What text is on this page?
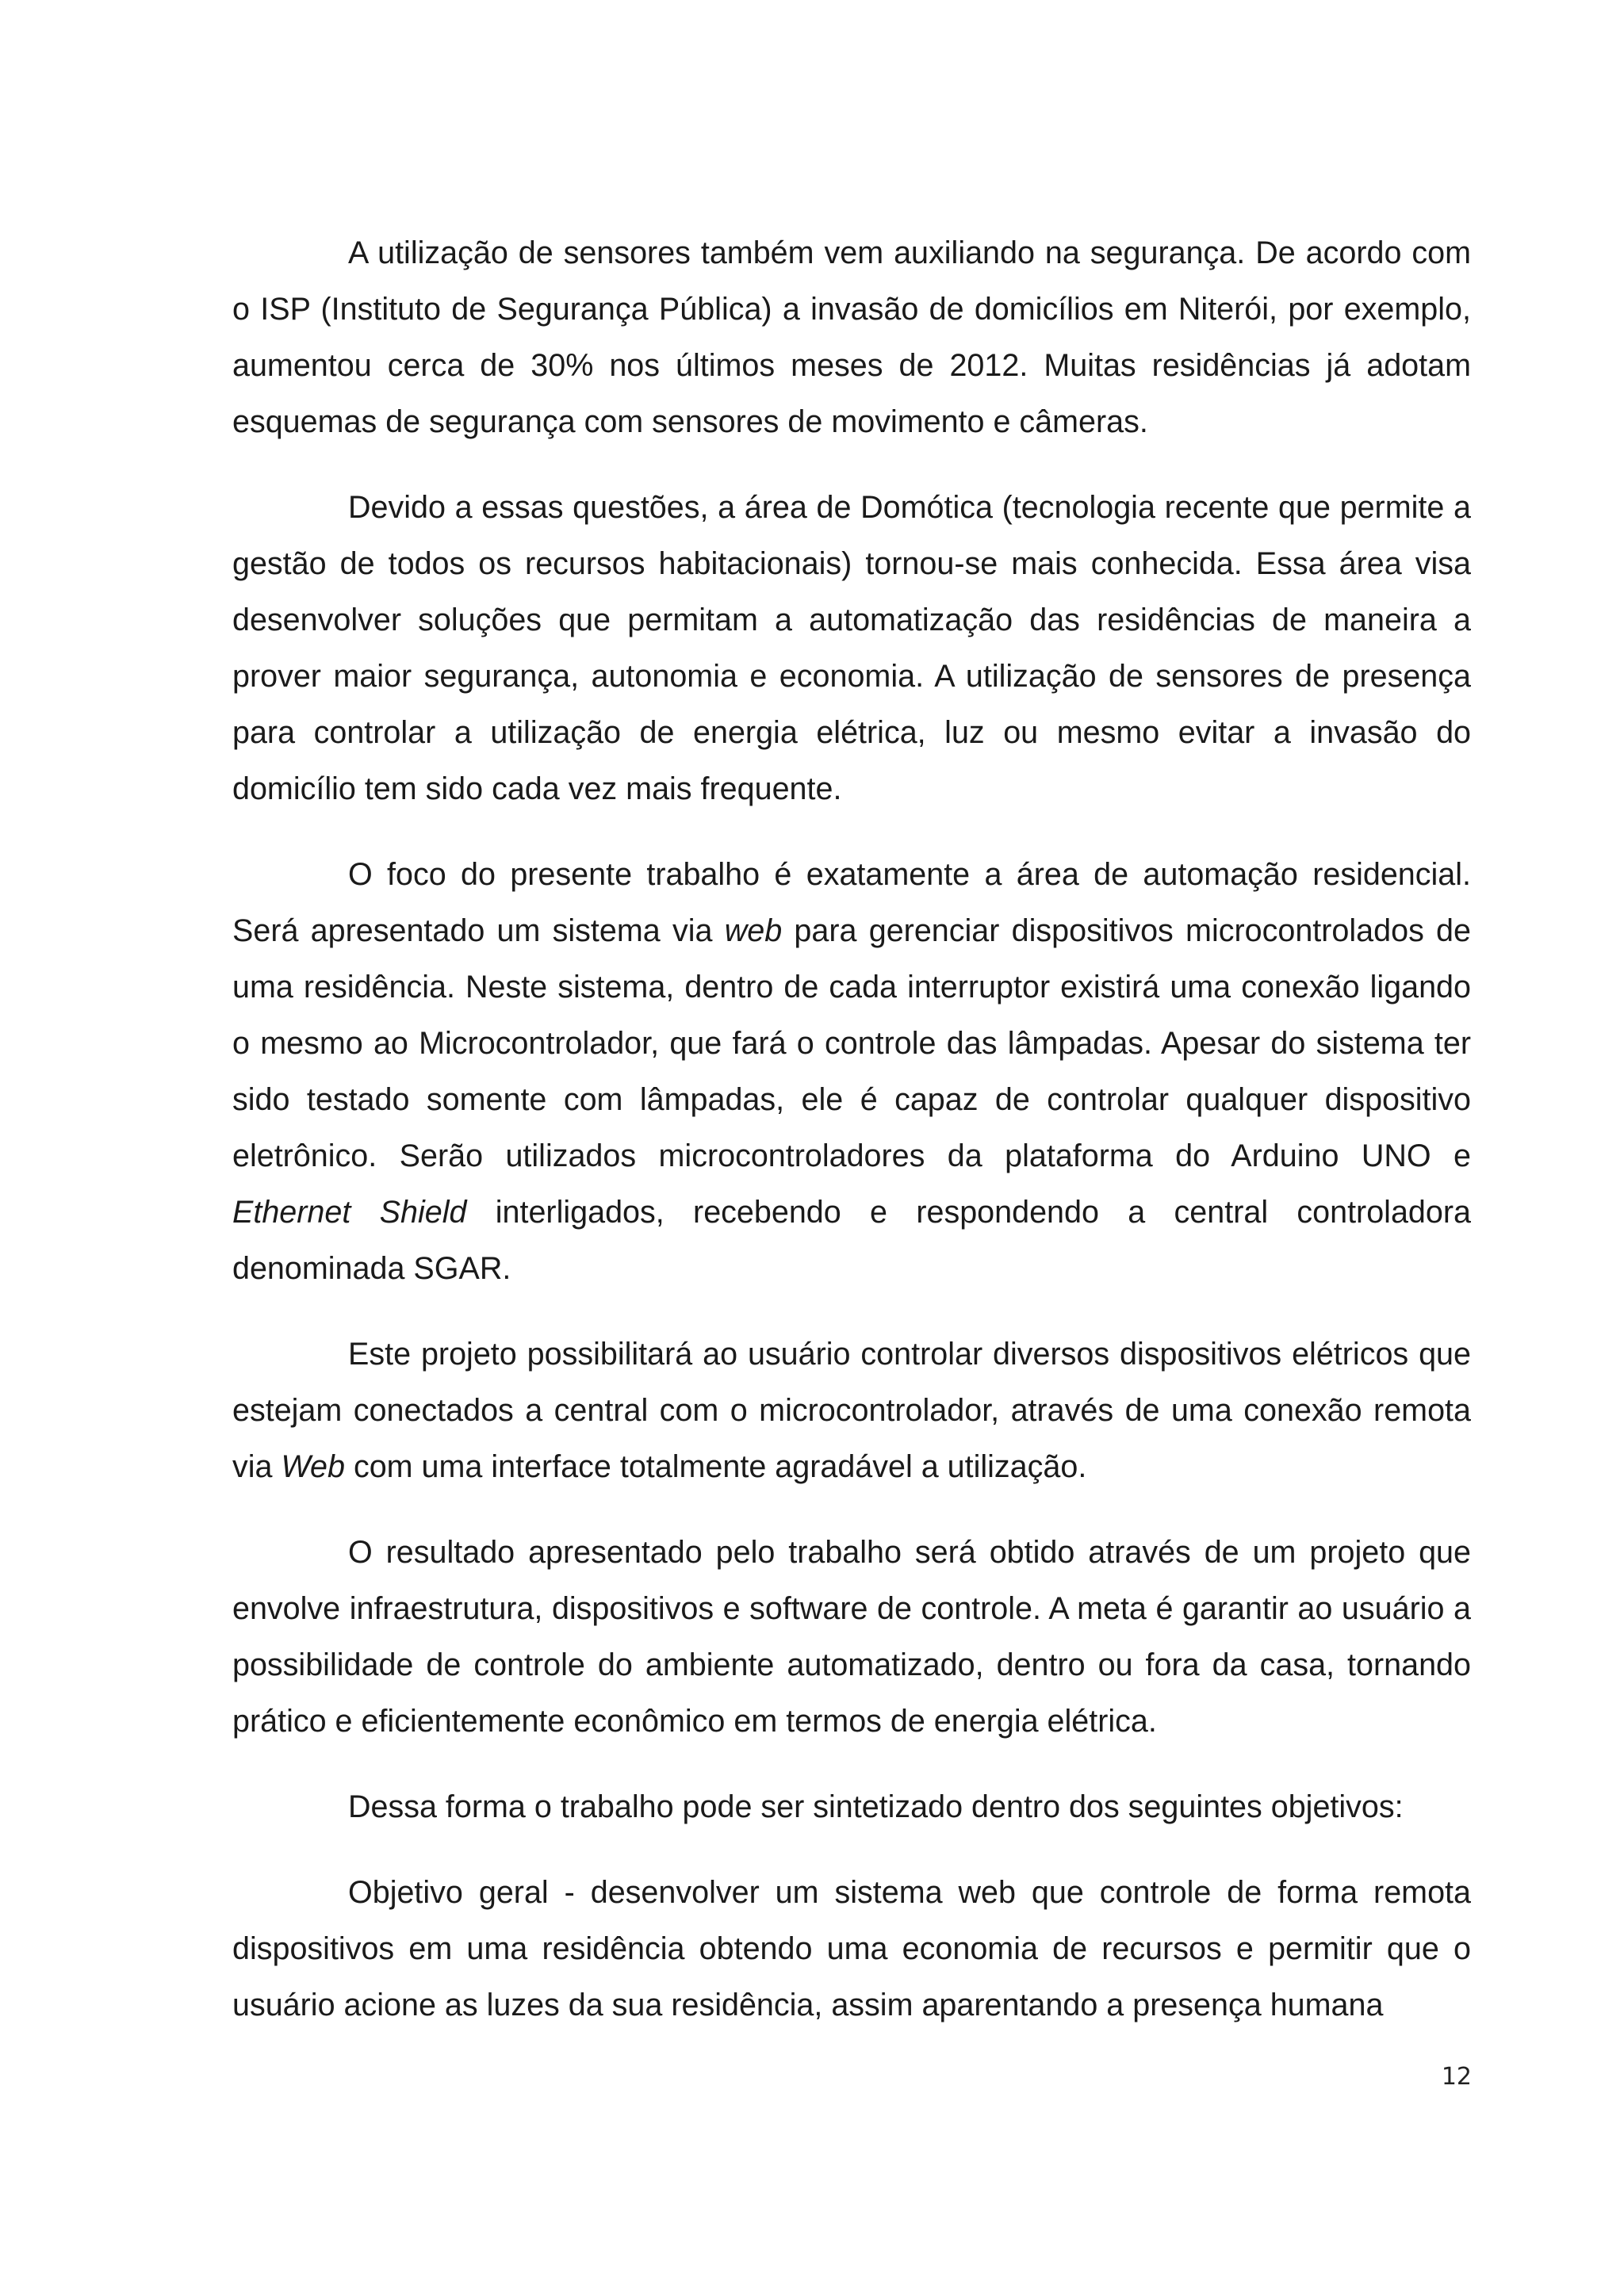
A utilização de sensores também vem auxiliando na segurança. De acordo com o ISP (Instituto de Segurança Pública) a invasão de domicílios em Niterói, por exemplo, aumentou cerca de 30% nos últimos meses de 2012. Muitas residências já adotam esquemas de segurança com sensores de movimento e câmeras.

Devido a essas questões, a área de Domótica (tecnologia recente que permite a gestão de todos os recursos habitacionais) tornou-se mais conhecida. Essa área visa desenvolver soluções que permitam a automatização das residências de maneira a prover maior segurança, autonomia e economia. A utilização de sensores de presença para controlar a utilização de energia elétrica, luz ou mesmo evitar a invasão do domicílio tem sido cada vez mais frequente.

O foco do presente trabalho é exatamente a área de automação residencial. Será apresentado um sistema via web para gerenciar dispositivos microcontrolados de uma residência. Neste sistema, dentro de cada interruptor existirá uma conexão ligando o mesmo ao Microcontrolador, que fará o controle das lâmpadas. Apesar do sistema ter sido testado somente com lâmpadas, ele é capaz de controlar qualquer dispositivo eletrônico. Serão utilizados microcontroladores da plataforma do Arduino UNO e Ethernet Shield interligados, recebendo e respondendo a central controladora denominada SGAR.

Este projeto possibilitará ao usuário controlar diversos dispositivos elétricos que estejam conectados a central com o microcontrolador, através de uma conexão remota via Web com uma interface totalmente agradável a utilização.

O resultado apresentado pelo trabalho será obtido através de um projeto que envolve infraestrutura, dispositivos e software de controle. A meta é garantir ao usuário a possibilidade de controle do ambiente automatizado, dentro ou fora da casa, tornando prático e eficientemente econômico em termos de energia elétrica.

Dessa forma o trabalho pode ser sintetizado dentro dos seguintes objetivos:

Objetivo geral - desenvolver um sistema web que controle de forma remota dispositivos em uma residência obtendo uma economia de recursos e permitir que o usuário acione as luzes da sua residência, assim aparentando a presença humana

12
